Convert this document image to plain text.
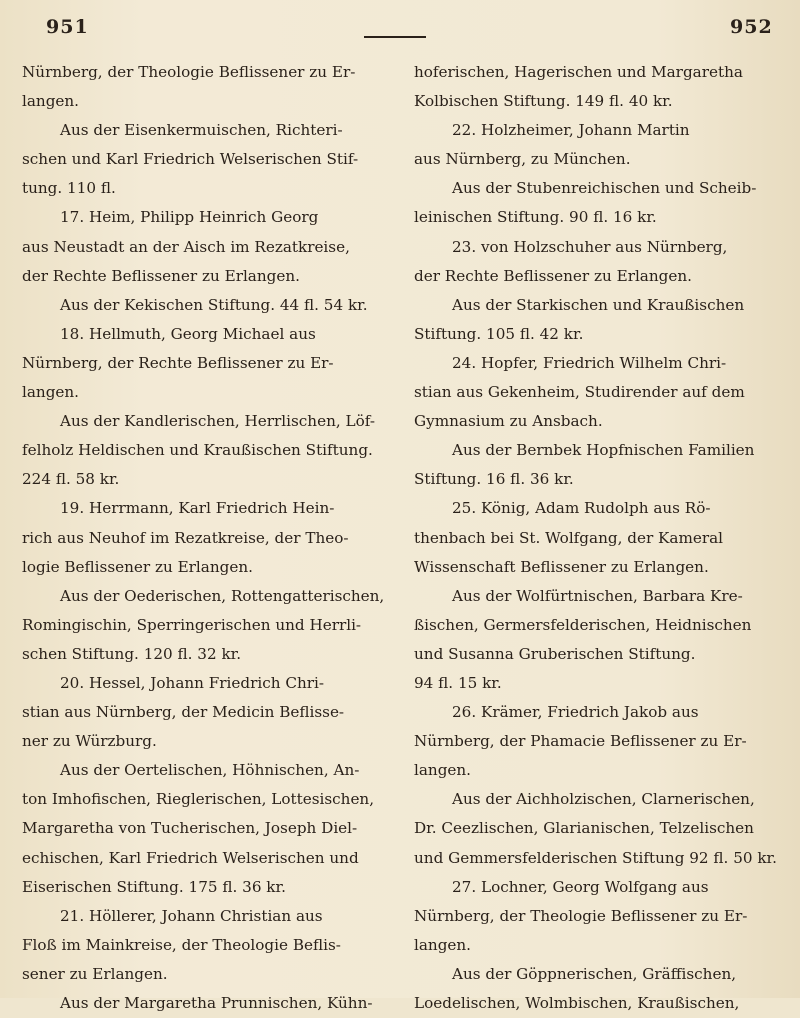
951	952
Nürnberg, der Theologie Beflissener zu Er-
langen.
Aus der Eisenkermuischen, Richteri-
schen und Karl Friedrich Welserischen Stif-
tung. 110 fl.
17. Heim, Philipp Heinrich Georg
aus Neustadt an der Aisch im Rezatkreise,
der Rechte Beflissener zu Erlangen.
Aus der Kekischen Stiftung. 44 fl. 54 kr.
18. Hellmuth, Georg Michael aus
Nürnberg, der Rechte Beflissener zu Er-
langen.
Aus der Kandlerischen, Herrlischen, Löf-
felholz Heldischen und Kraußischen Stiftung.
224 fl. 58 kr.
19. Herrmann, Karl Friedrich Hein-
rich aus Neuhof im Rezatkreise, der Theo-
logie Beflissener zu Erlangen.
Aus der Oederischen, Rottengatterischen,
Romingischin, Sperringerischen und Herrli-
schen Stiftung. 120 fl. 32 kr.
20. Hessel, Johann Friedrich Chri-
stian aus Nürnberg, der Medicin Beflisse-
ner zu Würzburg.
Aus der Oertelischen, Höhnischen, An-
ton Imhofischen, Rieglerischen, Lottesischen,
Margaretha von Tucherischen, Joseph Diel-
echischen, Karl Friedrich Welserischen und
Eiserischen Stiftung. 175 fl. 36 kr.
21. Höllerer, Johann Christian aus
Floß im Mainkreise, der Theologie Beflis-
sener zu Erlangen.
Aus der Margaretha Prunnischen, Kühn-
hoferischen, Hagerischen und Margaretha
Kolbischen Stiftung. 149 fl. 40 kr.
22. Holzheimer, Johann Martin
aus Nürnberg, zu München.
Aus der Stubenreichischen und Scheib-
leinischen Stiftung. 90 fl. 16 kr.
23. von Holzschuher aus Nürnberg,
der Rechte Beflissener zu Erlangen.
Aus der Starkischen und Kraußischen
Stiftung. 105 fl. 42 kr.
24. Hopfer, Friedrich Wilhelm Chri-
stian aus Gekenheim, Studirender auf dem
Gymnasium zu Ansbach.
Aus der Bernbek Hopfnischen Familien
Stiftung. 16 fl. 36 kr.
25. König, Adam Rudolph aus Rö-
thenbach bei St. Wolfgang, der Kameral
Wissenschaft Beflissener zu Erlangen.
Aus der Wolfürtnischen, Barbara Kre-
ßischen, Germersfelderischen, Heidnischen
und Susanna Gruberischen Stiftung.
94 fl. 15 kr.
26. Krämer, Friedrich Jakob aus
Nürnberg, der Phamacie Beflissener zu Er-
langen.
Aus der Aichholzischen, Clarnerischen,
Dr. Ceezlischen, Glarianischen, Telzelischen
und Gemmersfelderischen Stiftung 92 fl. 50 kr.
27. Lochner, Georg Wolfgang aus
Nürnberg, der Theologie Beflissener zu Er-
langen.
Aus der Göppnerischen, Gräffischen,
Loedelischen, Wolmbischen, Kraußischen,
